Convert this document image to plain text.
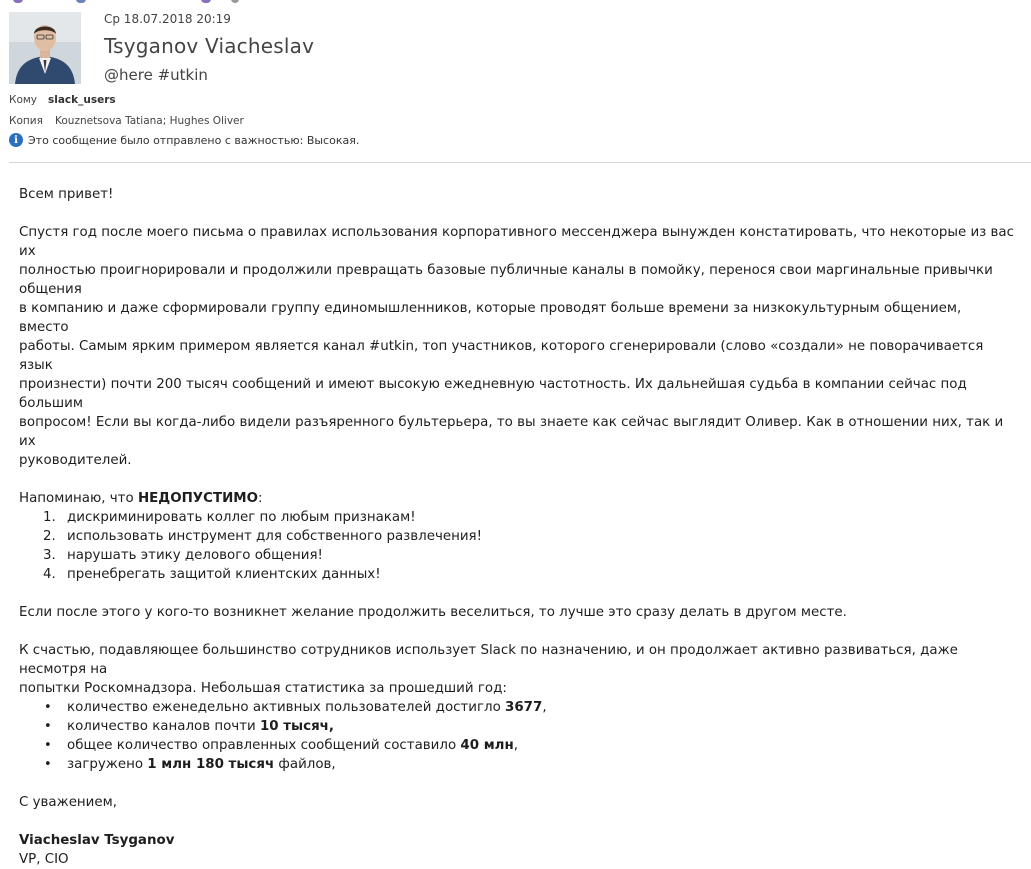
Ср 18.07.2018 20:19
Tsyganov Viacheslav
@here #utkin
Кому slack_users
Копия Kouznetsova Tatiana; Hughes Oliver
i Это сообщение было отправлено с важностью: Высокая.

Всем привет!

Спустя год после моего письма о правилах использования корпоративного мессенджера вынужден констатировать, что некоторые из вас их

полностью проигнорировали и продолжили превращать базовые публичные каналы в помойку, перенося свои маргинальные привычки общения

в компанию и даже сформировали группу единомышленников, которые проводят больше времени за низкокультурным общением, вместо

работы. Самым ярким примером является канал #utkin, топ участников, которого сгенерировали (слово «создали» не поворачивается язык

произнести) почти 200 тысяч сообщений и имеют высокую ежедневную частотность. Их дальнейшая судьба в компании сейчас под большим

вопросом! Если вы когда-либо видели разъяренного бультерьера, то вы знаете как сейчас выглядит Оливер. Как в отношении них, так и их

руководителей.

Напоминаю, что НЕДОПУСТИМО:

1. дискриминировать коллег по любым признакам!
2. использовать инструмент для собственного развлечения!
3. нарушать этику делового общения!
4. пренебрегать защитой клиентских данных!

Если после этого у кого-то возникнет желание продолжить веселиться, то лучше это сразу делать в другом месте.

К счастью, подавляющее большинство сотрудников использует Slack по назначению, и он продолжает активно развиваться, даже несмотря на

попытки Роскомнадзора. Небольшая статистика за прошедший год:

• количество еженедельно активных пользователей достигло 3677,
• количество каналов почти 10 тысяч,
• общее количество оправленных сообщений составило 40 млн,
• загружено 1 млн 180 тысяч файлов,

С уважением,

Viacheslav Tsyganov

VP, CIO
